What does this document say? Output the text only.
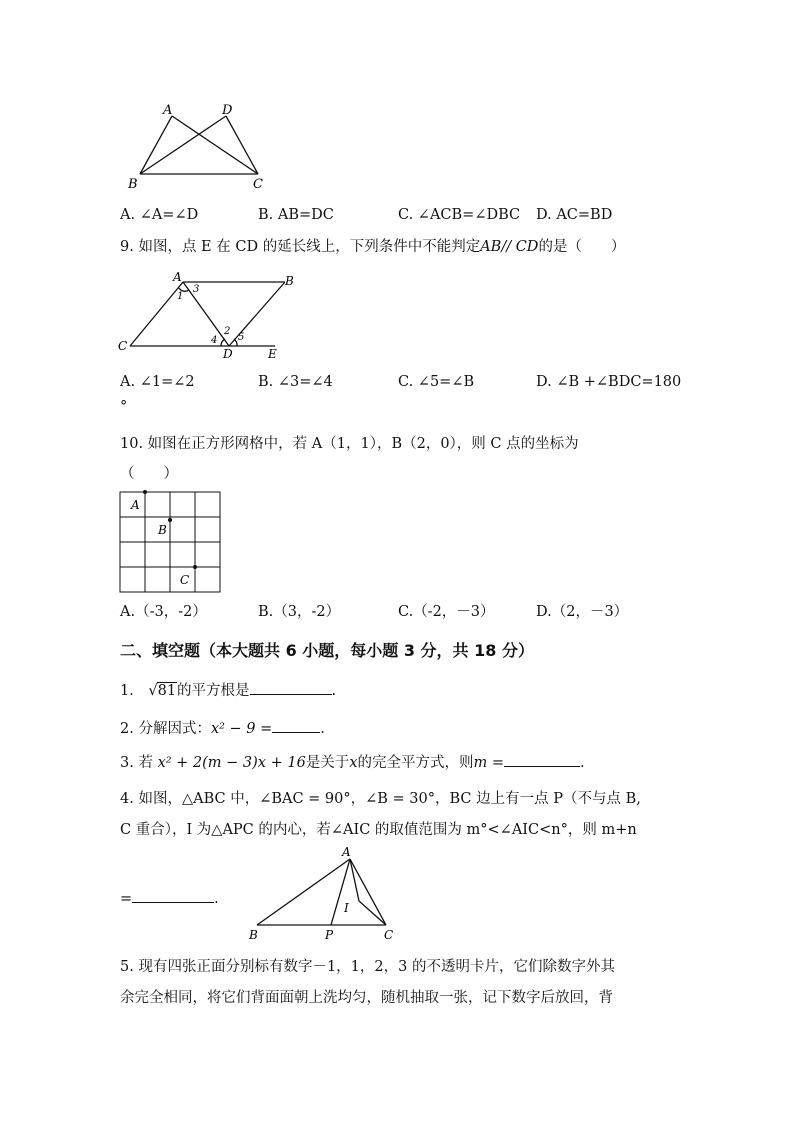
A	D
B	C
A. ∠A=∠D	B. AB=DC	C. ∠ACB=∠DBC D. AC=BD
9. 如图，点 E 在 CD 的延长线上，下列条件中不能判定AB// CD的是（　　）
A	B
C
D	E
1
3
2
4 5
A. ∠1=∠2	B. ∠3=∠4	C. ∠5=∠B	D. ∠B +∠BDC=180
°
10. 如图在正方形网格中，若 A（1，1），B（2，0），则 C 点的坐标为
（　　）
A
B
C
A.（-3，-2）	B.（3，-2）	C.（-2，－3）	D.（2，－3）
二、填空题（本大题共 6 小题，每小题 3 分，共 18 分）
1． √81的平方根是	.
2. 分解因式：x² − 9 =	.
3. 若 x² + 2(m − 3)x + 16是关于x的完全平方式，则m =	.
4. 如图，△ABC 中，∠BAC = 90°，∠B = 30°，BC 边上有一点 P（不与点 B,
C 重合），I 为△APC 的内心，若∠AIC 的取值范围为 m°<∠AIC<n°，则 m+n
=	.
A
B	P	C
I
5. 现有四张正面分别标有数字－1，1，2，3 的不透明卡片，它们除数字外其
余完全相同，将它们背面面朝上洗均匀，随机抽取一张，记下数字后放回，背
